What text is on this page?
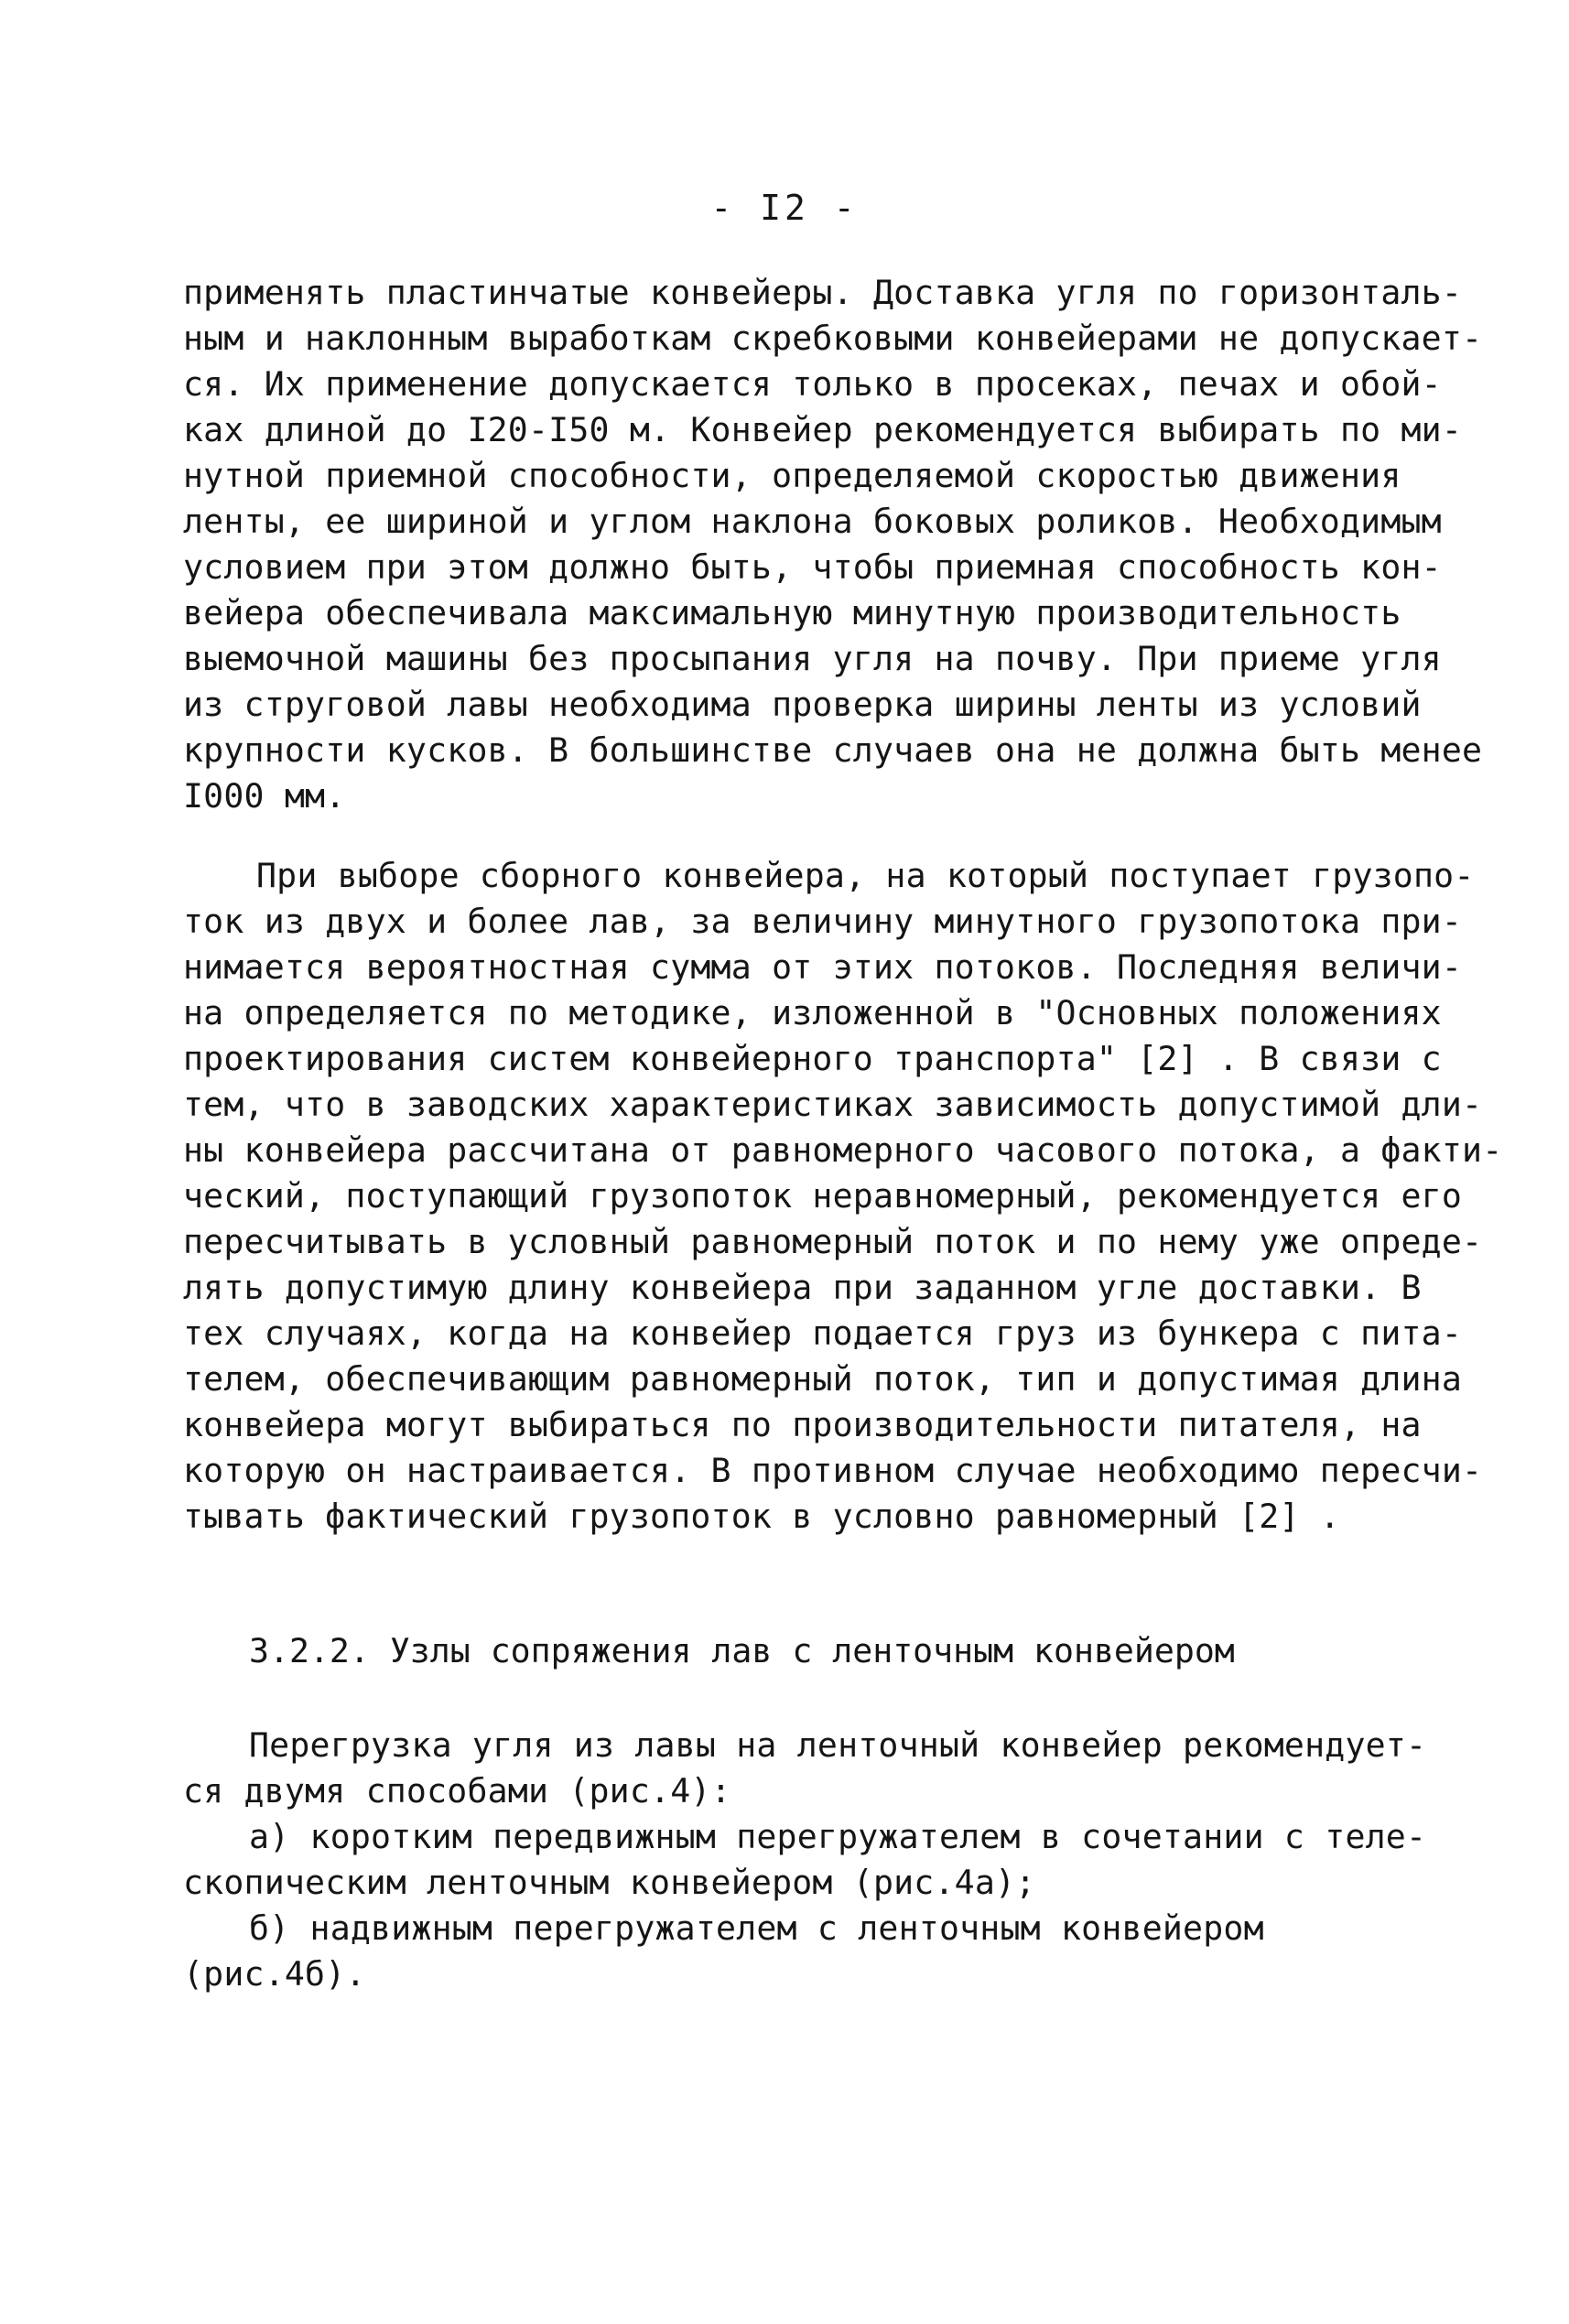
- I2 -
применять пластинчатые конвейеры. Доставка угля по горизонталь-
ным и наклонным выработкам скребковыми конвейерами не допускает-
ся. Их применение допускается только в просеках, печах и обой-
ках длиной до I20-I50 м. Конвейер рекомендуется выбирать по ми-
нутной приемной способности, определяемой скоростью движения
ленты, ее шириной и углом наклона боковых роликов. Необходимым
условием при этом должно быть, чтобы приемная способность кон-
вейера обеспечивала максимальную минутную производительность
выемочной машины без просыпания угля на почву. При приеме угля
из струговой лавы необходима проверка ширины ленты из условий
крупности кусков. В большинстве случаев она не должна быть менее
I000 мм.
При выборе сборного конвейера, на который поступает грузопо-
ток из двух и более лав, за величину минутного грузопотока при-
нимается вероятностная сумма от этих потоков. Последняя величи-
на определяется по методике, изложенной в "Основных положениях
проектирования систем конвейерного транспорта" [2] . В связи с
тем, что в заводских характеристиках зависимость допустимой дли-
ны конвейера рассчитана от равномерного часового потока, а факти-
ческий, поступающий грузопоток неравномерный, рекомендуется его
пересчитывать в условный равномерный поток и по нему уже опреде-
лять допустимую длину конвейера при заданном угле доставки. В
тех случаях, когда на конвейер подается груз из бункера с пита-
телем, обеспечивающим равномерный поток, тип и допустимая длина
конвейера могут выбираться по производительности питателя, на
которую он настраивается. В противном случае необходимо пересчи-
тывать фактический грузопоток в условно равномерный [2] .
3.2.2. Узлы сопряжения лав с ленточным конвейером
Перегрузка угля из лавы на ленточный конвейер рекомендует-
ся двумя способами (рис.4):
а) коротким передвижным перегружателем в сочетании с теле-
скопическим ленточным конвейером (рис.4а);
б) надвижным перегружателем с ленточным конвейером
(рис.4б).
